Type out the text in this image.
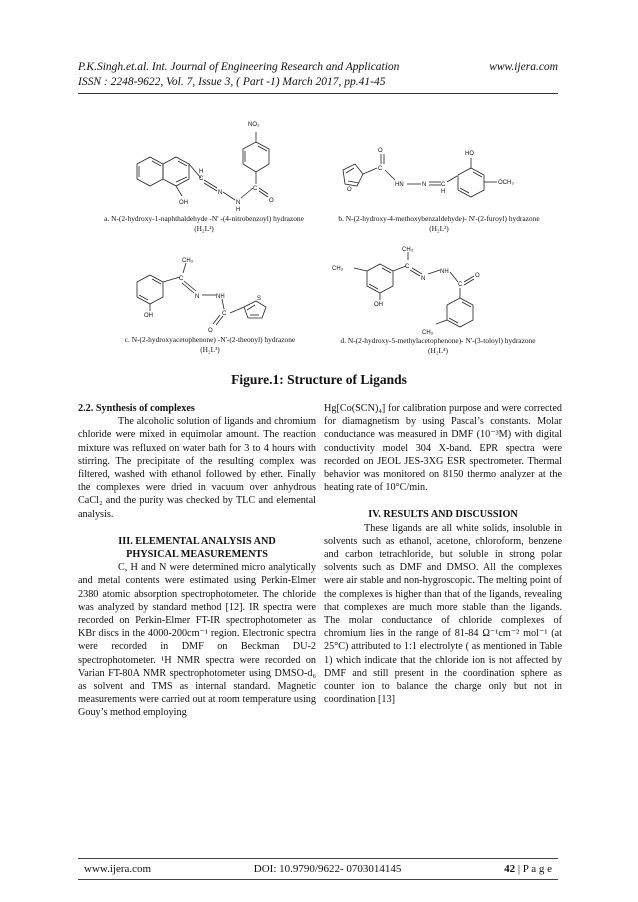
P.K.Singh.et.al. Int. Journal of Engineering Research and Application	www.ijera.com
ISSN : 2248-9622, Vol. 7, Issue 3, ( Part -1) March 2017, pp.41-45
NO₂
C
H
N
N
H
C
O
OH
a. N-(2-hydroxy-1-naphthaldehyde -N' -(4-nitrobenzoyl) hydrazone
(H₂L¹)
O
O
C
HN	N C
H
HO
OCH₃
b. N-(2-hydroxy-4-methoxybenzaldehyde)- N'-(2-furoyl) hydrazone
(H₂L²)
CH₃
C
N	NH
OH	C
O
S
c. N-(2-hydroxyacetophenone) -N'-(2-theonyl) hydrazone
(H₂L³)
CH₃
CH₃	C
N
NH
C
O
OH
CH₃
d. N-(2-hydroxy-5-methylacetophenone)- N'-(3-toloyl) hydrazone
(H₂L⁴)
Figure.1: Structure of Ligands

2.2. Synthesis of complexes

The alcoholic solution of ligands and chromium chloride were mixed in equimolar amount. The reaction mixture was refluxed on water bath for 3 to 4 hours with stirring. The precipitate of the resulting complex was filtered, washed with ethanol followed by ether. Finally the complexes were dried in vacuum over anhydrous CaCl₂ and the purity was checked by TLC and elemental analysis.

III. ELEMENTAL ANALYSIS AND PHYSICAL MEASUREMENTS

C, H and N were determined micro analytically and metal contents were estimated using Perkin-Elmer 2380 atomic absorption spectrophotometer. The chloride was analyzed by standard method [12]. IR spectra were recorded on Perkin-Elmer FT-IR spectrophotometer as KBr discs in the 4000-200cm⁻¹ region. Electronic spectra were recorded in DMF on Beckman DU-2 spectrophotometer. ¹H NMR spectra were recorded on Varian FT-80A NMR spectrophotometer using DMSO-d₆ as solvent and TMS as internal standard. Magnetic measurements were carried out at room temperature using Gouy’s method employing

Hg[Co(SCN)₄] for calibration purpose and were corrected for diamagnetism by using Pascal’s constants. Molar conductance was measured in DMF (10⁻³M) with digital conductivity model 304 X-band. EPR spectra were recorded on JEOL JES-3XG ESR spectrometer. Thermal behavior was monitored on 8150 thermo analyzer at the heating rate of 10°C/min.

IV. RESULTS AND DISCUSSION

These ligands are all white solids, insoluble in solvents such as ethanol, acetone, chloroform, benzene and carbon tetrachloride, but soluble in strong polar solvents such as DMF and DMSO. All the complexes were air stable and non-hygroscopic. The melting point of the complexes is higher than that of the ligands, revealing that complexes are much more stable than the ligands. The molar conductance of chloride complexes of chromium lies in the range of 81-84 Ω⁻¹cm⁻² mol⁻¹ (at 25°C) attributed to 1:1 electrolyte ( as mentioned in Table 1) which indicate that the chloride ion is not affected by DMF and still present in the coordination sphere as counter ion to balance the charge only but not in coordination [13]

www.ijera.com	DOI: 10.9790/9622- 0703014145	42 | P a g e
